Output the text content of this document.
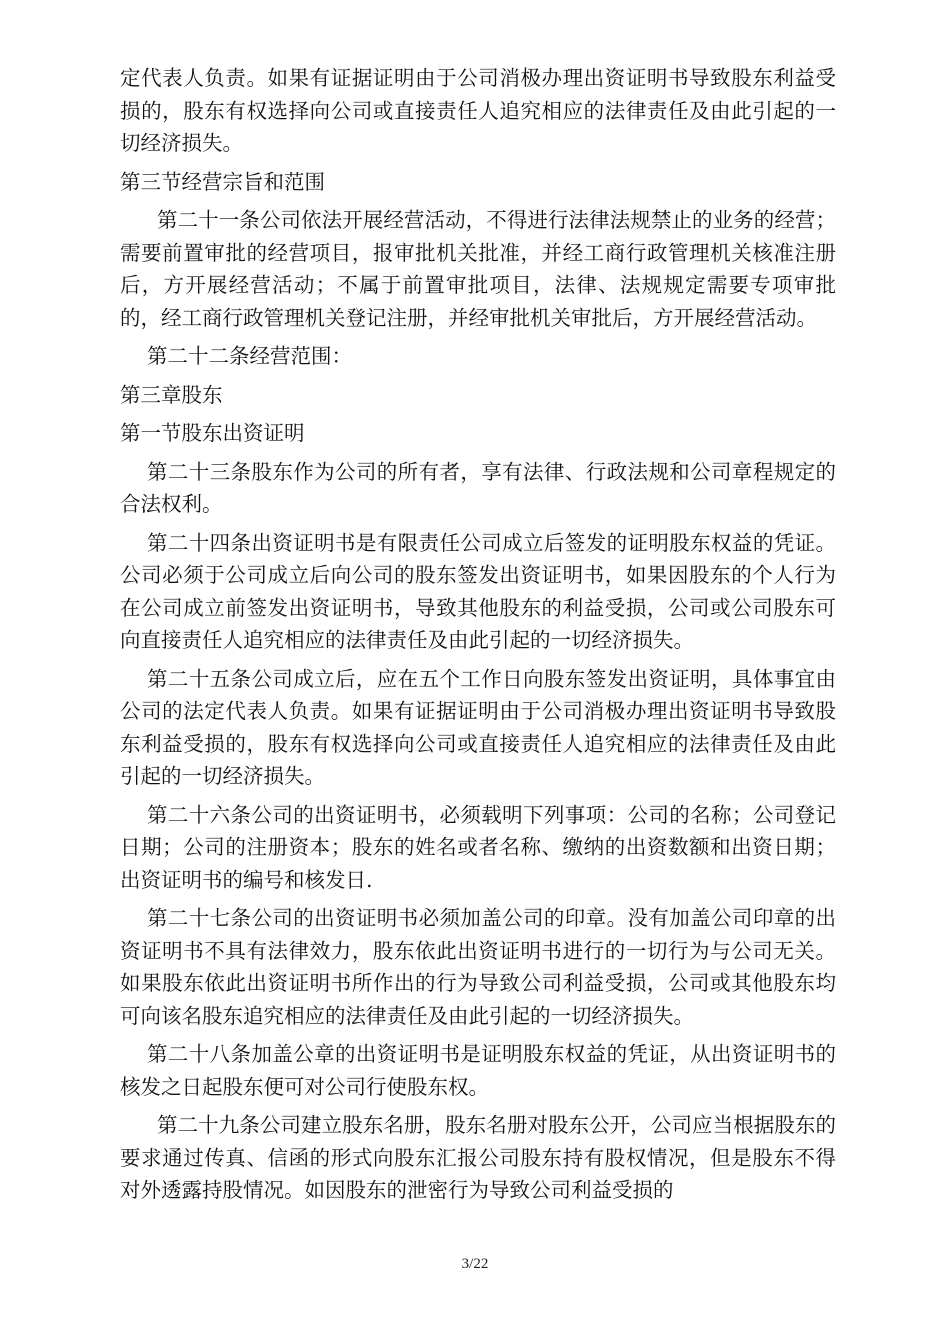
定代表人负责。如果有证据证明由于公司消极办理出资证明书导致股东利益受损的，股东有权选择向公司或直接责任人追究相应的法律责任及由此引起的一切经济损失。

第三节经营宗旨和范围

第二十一条公司依法开展经营活动，不得进行法律法规禁止的业务的经营；需要前置审批的经营项目，报审批机关批准，并经工商行政管理机关核准注册后，方开展经营活动；不属于前置审批项目，法律、法规规定需要专项审批的，经工商行政管理机关登记注册，并经审批机关审批后，方开展经营活动。

第二十二条经营范围：

第三章股东

第一节股东出资证明

第二十三条股东作为公司的所有者，享有法律、行政法规和公司章程规定的合法权利。

第二十四条出资证明书是有限责任公司成立后签发的证明股东权益的凭证。公司必须于公司成立后向公司的股东签发出资证明书，如果因股东的个人行为在公司成立前签发出资证明书，导致其他股东的利益受损，公司或公司股东可向直接责任人追究相应的法律责任及由此引起的一切经济损失。

第二十五条公司成立后，应在五个工作日向股东签发出资证明，具体事宜由公司的法定代表人负责。如果有证据证明由于公司消极办理出资证明书导致股东利益受损的，股东有权选择向公司或直接责任人追究相应的法律责任及由此引起的一切经济损失。

第二十六条公司的出资证明书，必须载明下列事项：公司的名称；公司登记日期；公司的注册资本；股东的姓名或者名称、缴纳的出资数额和出资日期；出资证明书的编号和核发日.

第二十七条公司的出资证明书必须加盖公司的印章。没有加盖公司印章的出资证明书不具有法律效力，股东依此出资证明书进行的一切行为与公司无关。如果股东依此出资证明书所作出的行为导致公司利益受损，公司或其他股东均可向该名股东追究相应的法律责任及由此引起的一切经济损失。

第二十八条加盖公章的出资证明书是证明股东权益的凭证，从出资证明书的核发之日起股东便可对公司行使股东权。

第二十九条公司建立股东名册，股东名册对股东公开，公司应当根据股东的要求通过传真、信函的形式向股东汇报公司股东持有股权情况，但是股东不得对外透露持股情况。如因股东的泄密行为导致公司利益受损的

3/22
